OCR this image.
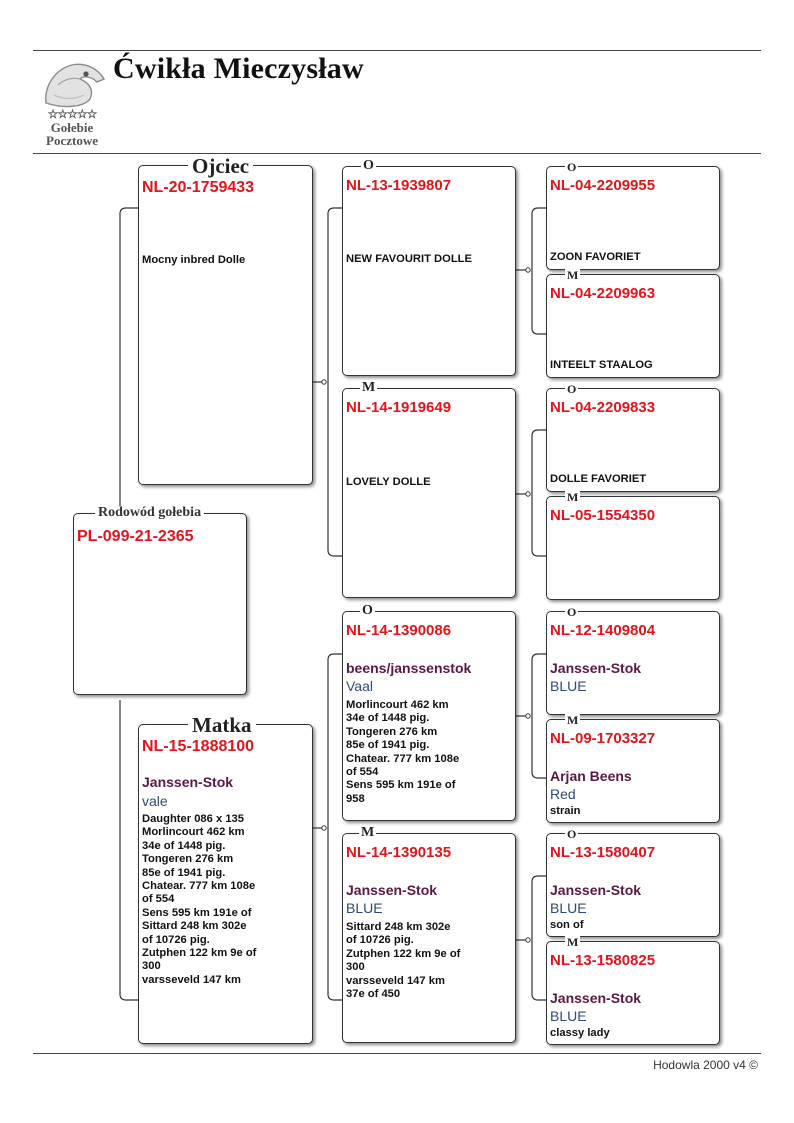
☆☆☆☆☆
Gołebie
Pocztowe
Ćwikła Mieczysław
PL-099-21-2365
Rodowód gołebia
NL-20-1759433
Mocny inbred Dolle
Ojciec
NL-15-1888100
Janssen-Stok
vale
Daughter 086 x 135
Morlincourt 462 km
34e of 1448 pig.
Tongeren 276 km
85e of 1941 pig.
Chatear. 777 km 108e
of 554
Sens 595 km 191e of
Sittard 248 km 302e
of 10726 pig.
Zutphen 122 km 9e of
300
varsseveld 147 km
Matka
NL-13-1939807
NEW FAVOURIT DOLLE
O
NL-14-1919649
LOVELY DOLLE
M
NL-14-1390086
beens/janssenstok
Vaal
Morlincourt 462 km
34e of 1448 pig.
Tongeren 276 km
85e of 1941 pig.
Chatear. 777 km 108e
of 554
Sens 595 km 191e of
958
O
NL-14-1390135
Janssen-Stok
BLUE
Sittard 248 km 302e
of 10726 pig.
Zutphen 122 km 9e of
300
varsseveld 147 km
37e of 450
M
NL-04-2209955
ZOON FAVORIET
O
NL-04-2209963
INTEELT STAALOG
M
NL-04-2209833
DOLLE FAVORIET
O
NL-05-1554350
M
NL-12-1409804
Janssen-Stok
BLUE
O
NL-09-1703327
Arjan Beens
Red
strain
M
NL-13-1580407
Janssen-Stok
BLUE
son of
O
NL-13-1580825
Janssen-Stok
BLUE
classy lady
M
Hodowla 2000 v4 ©
